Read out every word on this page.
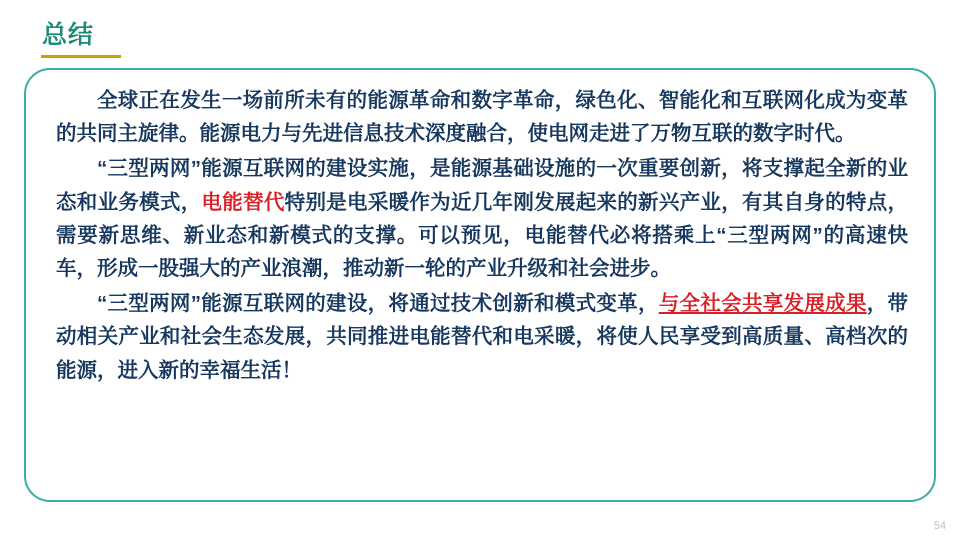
总结

全球正在发生一场前所未有的能源革命和数字革命，绿色化、智能化和互联网化成为变革的共同主旋律。能源电力与先进信息技术深度融合，使电网走进了万物互联的数字时代。

“三型两网”能源互联网的建设实施，是能源基础设施的一次重要创新，将支撑起全新的业态和业务模式，电能替代特别是电采暖作为近几年刚发展起来的新兴产业，有其自身的特点，需要新思维、新业态和新模式的支撑。可以预见，电能替代必将搭乘上“三型两网”的高速快车，形成一股强大的产业浪潮，推动新一轮的产业升级和社会进步。

“三型两网”能源互联网的建设，将通过技术创新和模式变革，与全社会共享发展成果，带动相关产业和社会生态发展，共同推进电能替代和电采暖，将使人民享受到高质量、高档次的能源，进入新的幸福生活！

54
